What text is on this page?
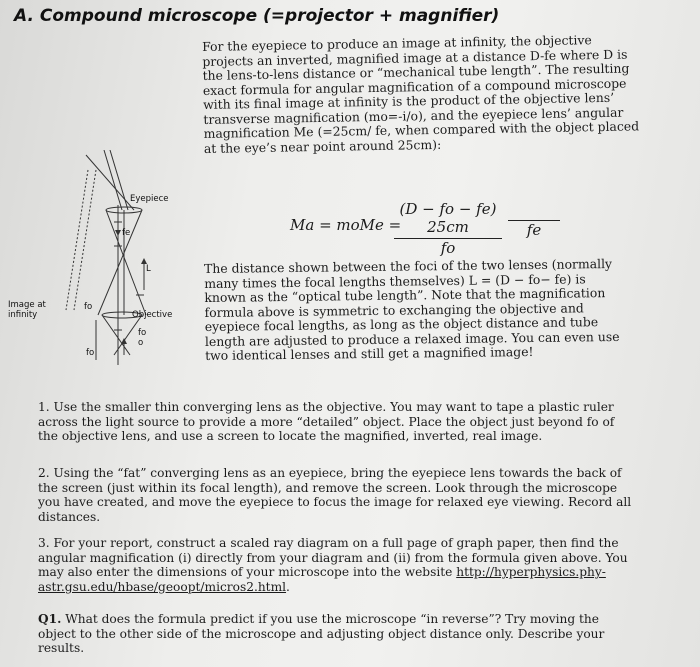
A. Compound microscope (=projector + magnifier)
For the eyepiece to produce an image at infinity, the objective projects an inverted, magnified image at a distance D-fe where D is the lens-to-lens distance or “mechanical tube length”. The resulting exact formula for angular magnification of a compound microscope with its final image at infinity is the product of the objective lens’ transverse magnification (mo=-i/o), and the eyepiece lens’ angular magnification Me (=25cm/ fe, when compared with the object placed at the eye’s near point around 25cm):
Ma = moMe =
$\frac{(D - fo - fe) 25cm}{fo}$
	fe
The distance shown between the foci of the two lenses (normally many times the focal lengths themselves) L = (D − fo− fe) is known as the “optical tube length”. Note that the magnification formula above is symmetric to exchanging the objective and eyepiece focal lengths, as long as the object distance and tube length are adjusted to produce a relaxed image. You can even use two identical lenses and still get a magnified image!
1. Use the smaller thin converging lens as the objective. You may want to tape a plastic ruler across the light source to provide a more “detailed” object. Place the object just beyond fo of the objective lens, and use a screen to locate the magnified, inverted, real image.
2. Using the “fat” converging lens as an eyepiece, bring the eyepiece lens towards the back of the screen (just within its focal length), and remove the screen. Look through the microscope you have created, and move the eyepiece to focus the image for relaxed eye viewing. Record all distances.
3. For your report, construct a scaled ray diagram on a full page of graph paper, then find the angular magnification (i) directly from your diagram and (ii) from the formula given above. You may also enter the dimensions of your microscope into the website http://hyperphysics.phy-astr.gsu.edu/hbase/geoopt/micros2.html.
Q1. What does the formula predict if you use the microscope “in reverse”? Try moving the object to the other side of the microscope and adjusting object distance only. Describe your results.
Eyepiece
fe
L
Image at
infinity
fo
Objective
fo
o
fo
